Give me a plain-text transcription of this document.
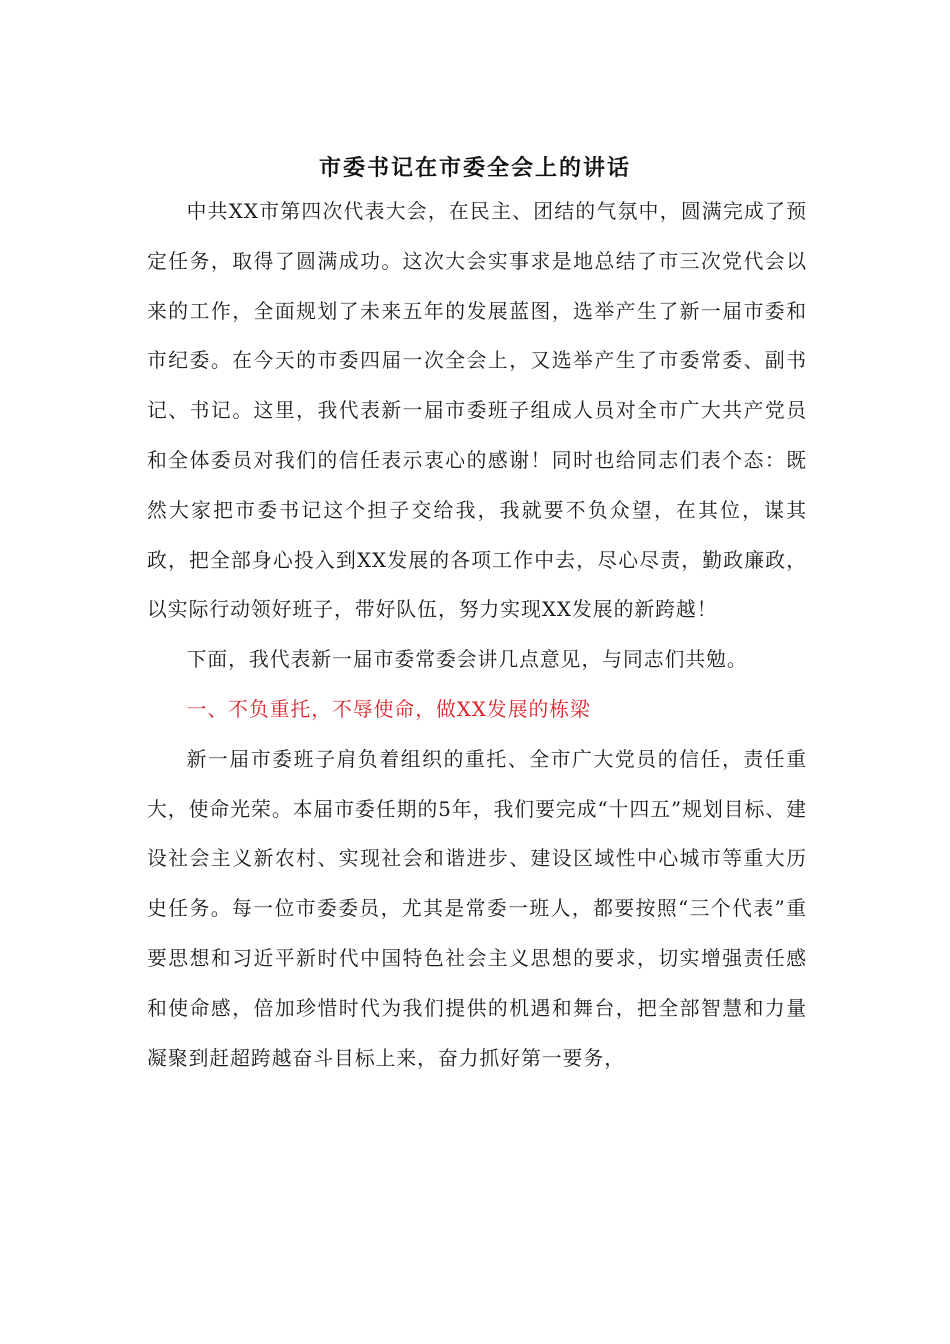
市委书记在市委全会上的讲话

中共XX市第四次代表大会，在民主、团结的气氛中，圆满完成了预定任务，取得了圆满成功。这次大会实事求是地总结了市三次党代会以来的工作，全面规划了未来五年的发展蓝图，选举产生了新一届市委和市纪委。在今天的市委四届一次全会上，又选举产生了市委常委、副书记、书记。这里，我代表新一届市委班子组成人员对全市广大共产党员和全体委员对我们的信任表示衷心的感谢！同时也给同志们表个态：既然大家把市委书记这个担子交给我，我就要不负众望，在其位，谋其政，把全部身心投入到XX发展的各项工作中去，尽心尽责，勤政廉政，以实际行动领好班子，带好队伍，努力实现XX发展的新跨越！

下面，我代表新一届市委常委会讲几点意见，与同志们共勉。

一、不负重托，不辱使命，做XX发展的栋梁

新一届市委班子肩负着组织的重托、全市广大党员的信任，责任重大，使命光荣。本届市委任期的5年，我们要完成“十四五”规划目标、建设社会主义新农村、实现社会和谐进步、建设区域性中心城市等重大历史任务。每一位市委委员，尤其是常委一班人，都要按照“三个代表”重要思想和习近平新时代中国特色社会主义思想的要求，切实增强责任感和使命感，倍加珍惜时代为我们提供的机遇和舞台，把全部智慧和力量凝聚到赶超跨越奋斗目标上来，奋力抓好第一要务，
